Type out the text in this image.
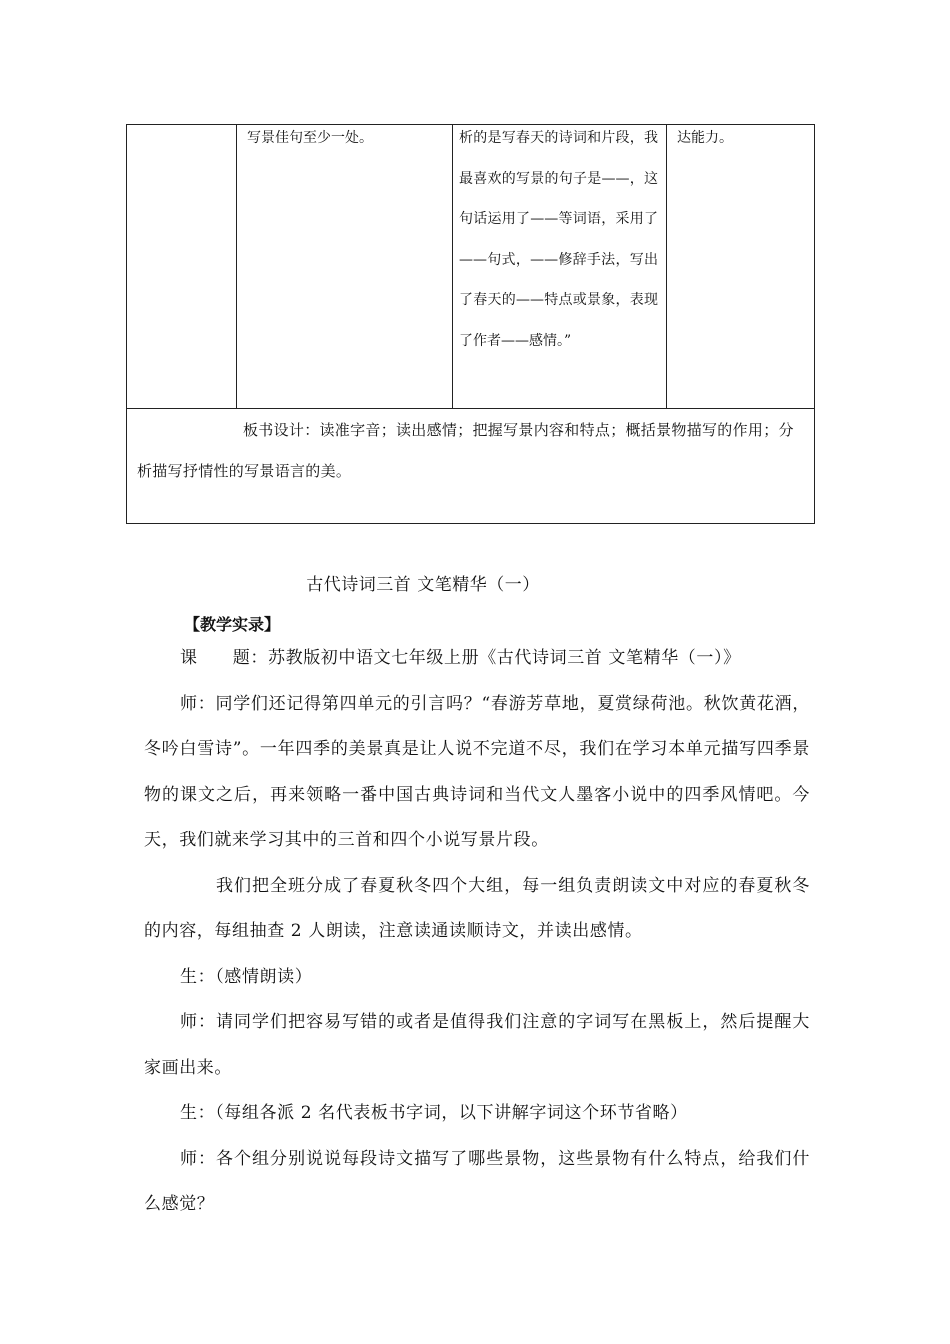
写景佳句至少一处。	析的是写春天的诗词和片段，我最喜欢的写景的句子是——，这句话运用了——等词语，采用了——句式，——修辞手法，写出了春天的——特点或景象，表现了作者——感情。”

达能力。

板书设计：读准字音；读出感情；把握写景内容和特点；概括景物描写的作用；分析描写抒情性的写景语言的美。

古代诗词三首 文笔精华（一）
【教学实录】

课　　题：苏教版初中语文七年级上册《古代诗词三首 文笔精华（一）》

师：同学们还记得第四单元的引言吗？“春游芳草地，夏赏绿荷池。秋饮黄花酒，冬吟白雪诗”。一年四季的美景真是让人说不完道不尽，我们在学习本单元描写四季景物的课文之后，再来领略一番中国古典诗词和当代文人墨客小说中的四季风情吧。今天，我们就来学习其中的三首和四个小说写景片段。

我们把全班分成了春夏秋冬四个大组，每一组负责朗读文中对应的春夏秋冬的内容，每组抽查 2 人朗读，注意读通读顺诗文，并读出感情。

生：（感情朗读）

师：请同学们把容易写错的或者是值得我们注意的字词写在黑板上，然后提醒大家画出来。

生：（每组各派 2 名代表板书字词，以下讲解字词这个环节省略）

师：各个组分别说说每段诗文描写了哪些景物，这些景物有什么特点，给我们什么感觉？
